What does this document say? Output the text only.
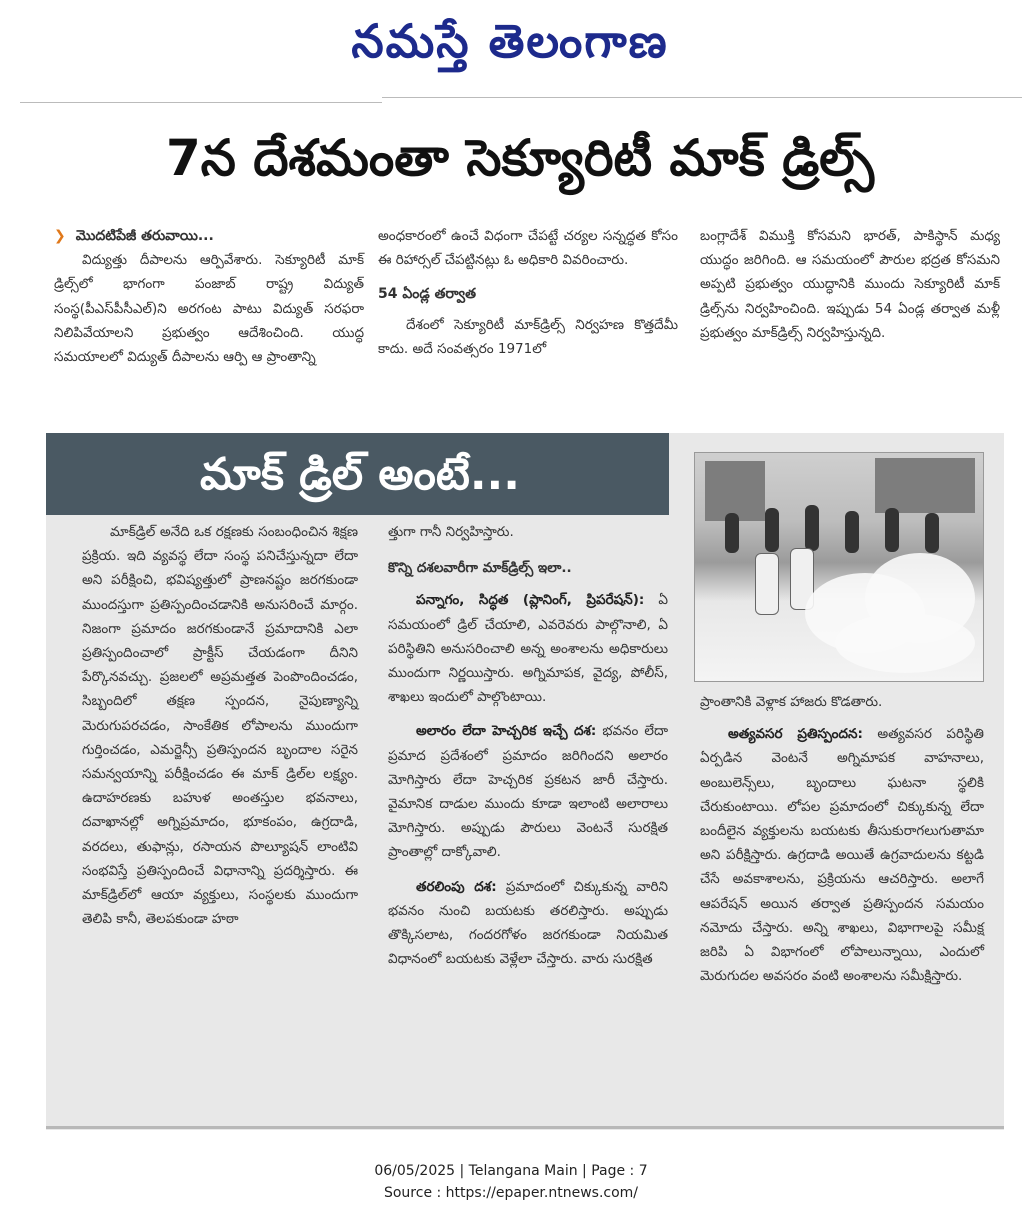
నమస్తే తెలంగాణ
7న దేశమంతా సెక్యూరిటీ మాక్ డ్రిల్స్
❯ మొదటిపేజీ తరువాయి...

విద్యుత్తు దీపాలను ఆర్పివేశారు. సెక్యూరిటీ మాక్ డ్రిల్స్‌లో భాగంగా పంజాబ్ రాష్ట్ర విద్యుత్ సంస్థ(పీఎస్‌పీసీఎల్)ని అరగంట పాటు విద్యుత్ సరఫరా నిలిపివేయాలని ప్రభుత్వం ఆదేశించింది. యుద్ధ సమయాలలో విద్యుత్ దీపాలను ఆర్పి ఆ ప్రాంతాన్ని

అంధకారంలో ఉంచే విధంగా చేపట్టే చర్యల సన్నద్ధత కోసం ఈ రిహార్సల్ చేపట్టినట్లు ఓ అధికారి వివరించారు.

54 ఏండ్ల తర్వాత

దేశంలో సెక్యూరిటీ మాక్‌డ్రిల్స్ నిర్వహణ కొత్తదేమీ కాదు. అదే సంవత్సరం 1971లో

బంగ్లాదేశ్ విముక్తి కోసమని భారత్, పాకిస్థాన్ మధ్య యుద్ధం జరిగింది. ఆ సమయంలో పౌరుల భద్రత కోసమని అప్పటి ప్రభుత్వం యుద్ధానికి ముందు సెక్యూరిటీ మాక్ డ్రిల్స్‌ను నిర్వహించింది. ఇప్పుడు 54 ఏండ్ల తర్వాత మళ్లీ ప్రభుత్వం మాక్‌డ్రిల్స్ నిర్వహిస్తున్నది.

మాక్ డ్రిల్ అంటే...

మాక్‌డ్రిల్ అనేది ఒక రక్షణకు సంబంధించిన శిక్షణ ప్రక్రియ. ఇది వ్యవస్థ లేదా సంస్థ పనిచేస్తున్నదా లేదా అని పరీక్షించి, భవిష్యత్తులో ప్రాణనష్టం జరగకుండా ముందస్తుగా ప్రతిస్పందించడానికి అనుసరించే మార్గం. నిజంగా ప్రమాదం జరగకుండానే ప్రమాదానికి ఎలా ప్రతిస్పందించాలో ప్రాక్టీస్ చేయడంగా దీనిని పేర్కొనవచ్చు. ప్రజలలో అప్రమత్తత పెంపొందించడం, సిబ్బందిలో తక్షణ స్పందన, నైపుణ్యాన్ని మెరుగుపరచడం, సాంకేతిక లోపాలను ముందుగా గుర్తించడం, ఎమర్జెన్సీ ప్రతిస్పందన బృందాల సరైన సమన్వయాన్ని పరీక్షించడం ఈ మాక్ డ్రిల్‌ల లక్ష్యం. ఉదాహరణకు బహుళ అంతస్తుల భవనాలు, దవాఖానల్లో అగ్నిప్రమాదం, భూకంపం, ఉగ్రదాడి, వరదలు, తుఫాన్లు, రసాయన పొల్యూషన్ లాంటివి సంభవిస్తే ప్రతిస్పందించే విధానాన్ని ప్రదర్శిస్తారు. ఈ మాక్‌డ్రిల్‌లో ఆయా వ్యక్తులు, సంస్థలకు ముందుగా తెలిపి కానీ, తెలపకుండా హఠా

త్తుగా గానీ నిర్వహిస్తారు.

కొన్ని దశలవారీగా మాక్‌డ్రిల్స్ ఇలా..

పన్నాగం, సిద్ధత (ప్లానింగ్, ప్రిపరేషన్): ఏ సమయంలో డ్రిల్ చేయాలి, ఎవరెవరు పాల్గొనాలి, ఏ పరిస్థితిని అనుసరించాలి అన్న అంశాలను అధికారులు ముందుగా నిర్ణయిస్తారు. అగ్నిమాపక, వైద్య, పోలీస్, శాఖలు ఇందులో పాల్గొంటాయి.

అలారం లేదా హెచ్చరిక ఇచ్చే దశ: భవనం లేదా ప్రమాద ప్రదేశంలో ప్రమాదం జరిగిందని అలారం మోగిస్తారు లేదా హెచ్చరిక ప్రకటన జారీ చేస్తారు. వైమానిక దాడుల ముందు కూడా ఇలాంటి అలారాలు మోగిస్తారు. అప్పుడు పౌరులు వెంటనే సురక్షిత ప్రాంతాల్లో దాక్కోవాలి.

తరలింపు దశ: ప్రమాదంలో చిక్కుకున్న వారిని భవనం నుంచి బయటకు తరలిస్తారు. అప్పుడు తొక్కిసలాట, గందరగోళం జరగకుండా నియమిత విధానంలో బయటకు వెళ్లేలా చేస్తారు. వారు సురక్షిత

ప్రాంతానికి వెళ్లాక హాజరు కొడతారు.

అత్యవసర ప్రతిస్పందన: అత్యవసర పరిస్థితి ఏర్పడిన వెంటనే అగ్నిమాపక వాహనాలు, అంబులెన్స్‌లు, బృందాలు ఘటనా స్థలికి చేరుకుంటాయి. లోపల ప్రమాదంలో చిక్కుకున్న లేదా బందీలైన వ్యక్తులను బయటకు తీసుకురాగలుగుతామా అని పరీక్షిస్తారు. ఉగ్రదాడి అయితే ఉగ్రవాదులను కట్టడి చేసే అవకాశాలను, ప్రక్రియను ఆచరిస్తారు. అలాగే ఆపరేషన్ అయిన తర్వాత ప్రతిస్పందన సమయం నమోదు చేస్తారు. అన్ని శాఖలు, విభాగాలపై సమీక్ష జరిపి ఏ విభాగంలో లోపాలున్నాయి, ఎందులో మెరుగుదల అవసరం వంటి అంశాలను సమీక్షిస్తారు.

06/05/2025 | Telangana Main | Page : 7
Source : https://epaper.ntnews.com/
